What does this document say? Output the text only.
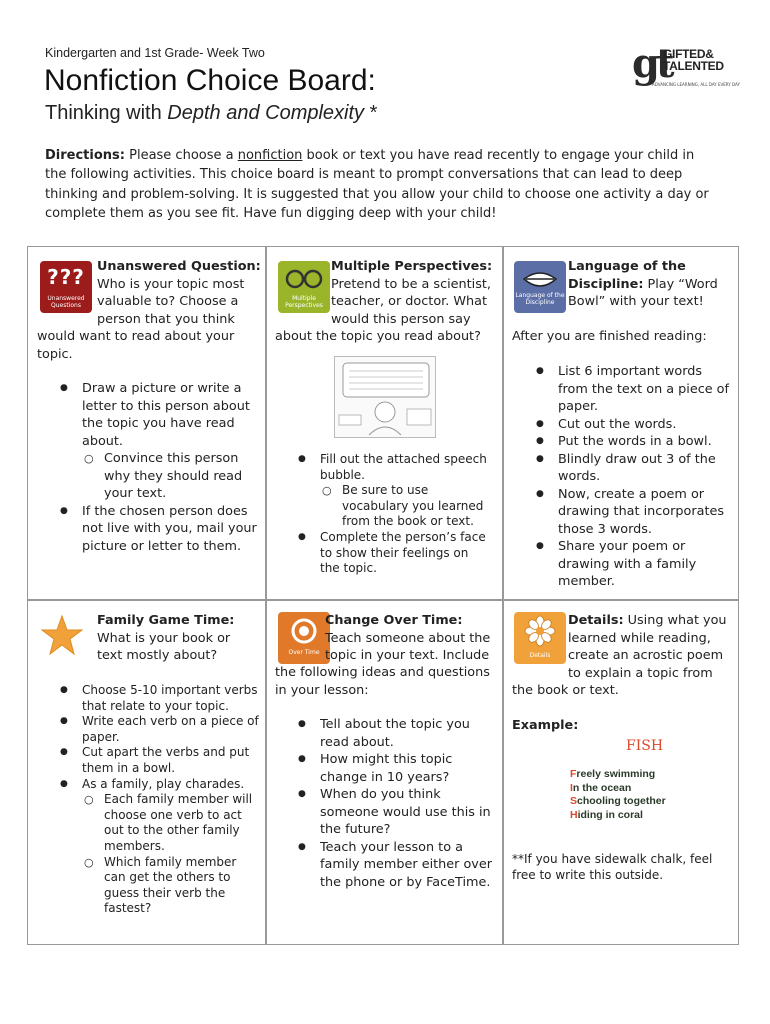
Kindergarten and 1st Grade- Week Two
Nonfiction Choice Board:
Thinking with Depth and Complexity *
gt
GIFTED&
TALENTED
ADVANCING LEARNING, ALL DAY EVERY DAY
Directions: Please choose a nonfiction book or text you have read recently to engage your child in the following activities. This choice board is meant to prompt conversations that can lead to deep thinking and problem-solving. It is suggested that you allow your child to choose one activity a day or complete them as you see fit. Have fun digging deep with your child!
???
Unanswered Questions
Unanswered Question:
Who is your topic most
valuable to? Choose a
person that you think
would want to read about your
topic.
● Draw a picture or write a letter to this person about the topic you have read about.
○ Convince this person why they should read your text.
● If the chosen person does not live with you, mail your picture or letter to them.
Multiple Perspectives
Multiple Perspectives:
Pretend to be a scientist,
teacher, or doctor. What
would this person say
about the topic you read about?
● Fill out the attached speech bubble.
○ Be sure to use vocabulary you learned from the book or text.
● Complete the person’s face to show their feelings on the topic.
Language of the Discipline
Language of the Discipline: Play “Word Bowl” with your text!
After you are finished reading:
● List 6 important words from the text on a piece of paper.
● Cut out the words.
● Put the words in a bowl.
● Blindly draw out 3 of the words.
● Now, create a poem or drawing that incorporates those 3 words.
● Share your poem or drawing with a family member.
Family Game Time:
What is your book or
text mostly about?
● Choose 5-10 important verbs that relate to your topic.
● Write each verb on a piece of paper.
● Cut apart the verbs and put them in a bowl.
● As a family, play charades.
○ Each family member will choose one verb to act out to the other family members.
○ Which family member can get the others to guess their verb the fastest?
Over Time
Change Over Time:
Teach someone about the
topic in your text. Include
the following ideas and questions
in your lesson:
● Tell about the topic you read about.
● How might this topic change in 10 years?
● When do you think someone would use this in the future?
● Teach your lesson to a family member either over the phone or by FaceTime.
Details
Details: Using what you
learned while reading,
create an acrostic poem
to explain a topic from
the book or text.
Example:
FISH
Freely swimming
In the ocean
Schooling together
Hiding in coral
**If you have sidewalk chalk, feel free to write this outside.
